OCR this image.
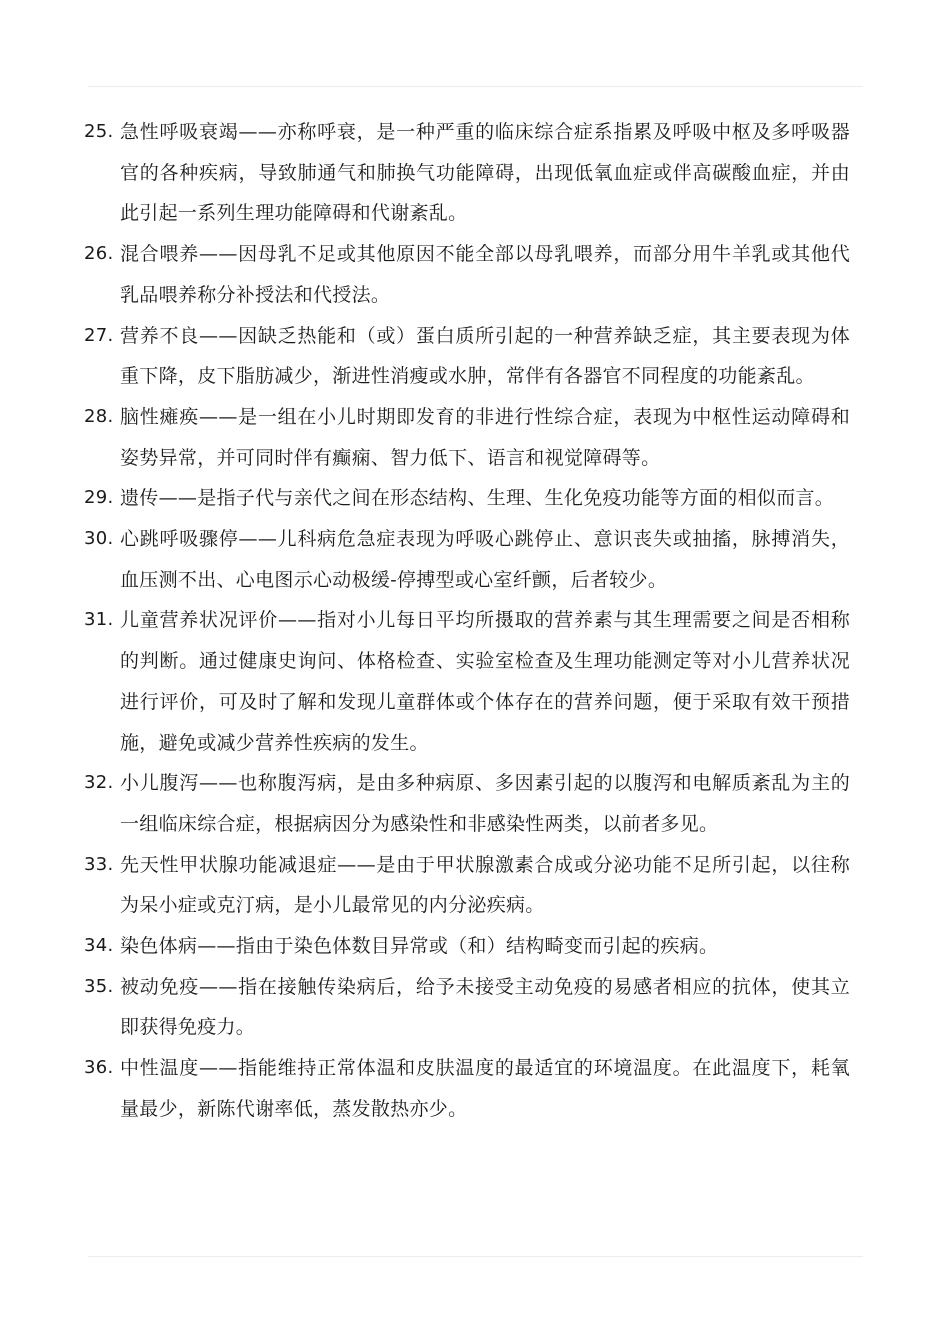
25. 急性呼吸衰竭——亦称呼衰，是一种严重的临床综合症系指累及呼吸中枢及多呼吸器官的各种疾病，导致肺通气和肺换气功能障碍，出现低氧血症或伴高碳酸血症，并由此引起一系列生理功能障碍和代谢紊乱。
26. 混合喂养——因母乳不足或其他原因不能全部以母乳喂养，而部分用牛羊乳或其他代乳品喂养称分补授法和代授法。
27. 营养不良——因缺乏热能和（或）蛋白质所引起的一种营养缺乏症，其主要表现为体重下降，皮下脂肪减少，渐进性消瘦或水肿，常伴有各器官不同程度的功能紊乱。
28. 脑性瘫痪——是一组在小儿时期即发育的非进行性综合症，表现为中枢性运动障碍和姿势异常，并可同时伴有癫痫、智力低下、语言和视觉障碍等。
29. 遗传——是指子代与亲代之间在形态结构、生理、生化免疫功能等方面的相似而言。
30. 心跳呼吸骤停——儿科病危急症表现为呼吸心跳停止、意识丧失或抽搐，脉搏消失，血压测不出、心电图示心动极缓-停搏型或心室纤颤，后者较少。
31. 儿童营养状况评价——指对小儿每日平均所摄取的营养素与其生理需要之间是否相称的判断。通过健康史询问、体格检查、实验室检查及生理功能测定等对小儿营养状况进行评价，可及时了解和发现儿童群体或个体存在的营养问题，便于采取有效干预措施，避免或减少营养性疾病的发生。
32. 小儿腹泻——也称腹泻病，是由多种病原、多因素引起的以腹泻和电解质紊乱为主的一组临床综合症，根据病因分为感染性和非感染性两类，以前者多见。
33. 先天性甲状腺功能减退症——是由于甲状腺激素合成或分泌功能不足所引起，以往称为呆小症或克汀病，是小儿最常见的内分泌疾病。
34. 染色体病——指由于染色体数目异常或（和）结构畸变而引起的疾病。
35. 被动免疫——指在接触传染病后，给予未接受主动免疫的易感者相应的抗体，使其立即获得免疫力。
36. 中性温度——指能维持正常体温和皮肤温度的最适宜的环境温度。在此温度下，耗氧量最少，新陈代谢率低，蒸发散热亦少。
